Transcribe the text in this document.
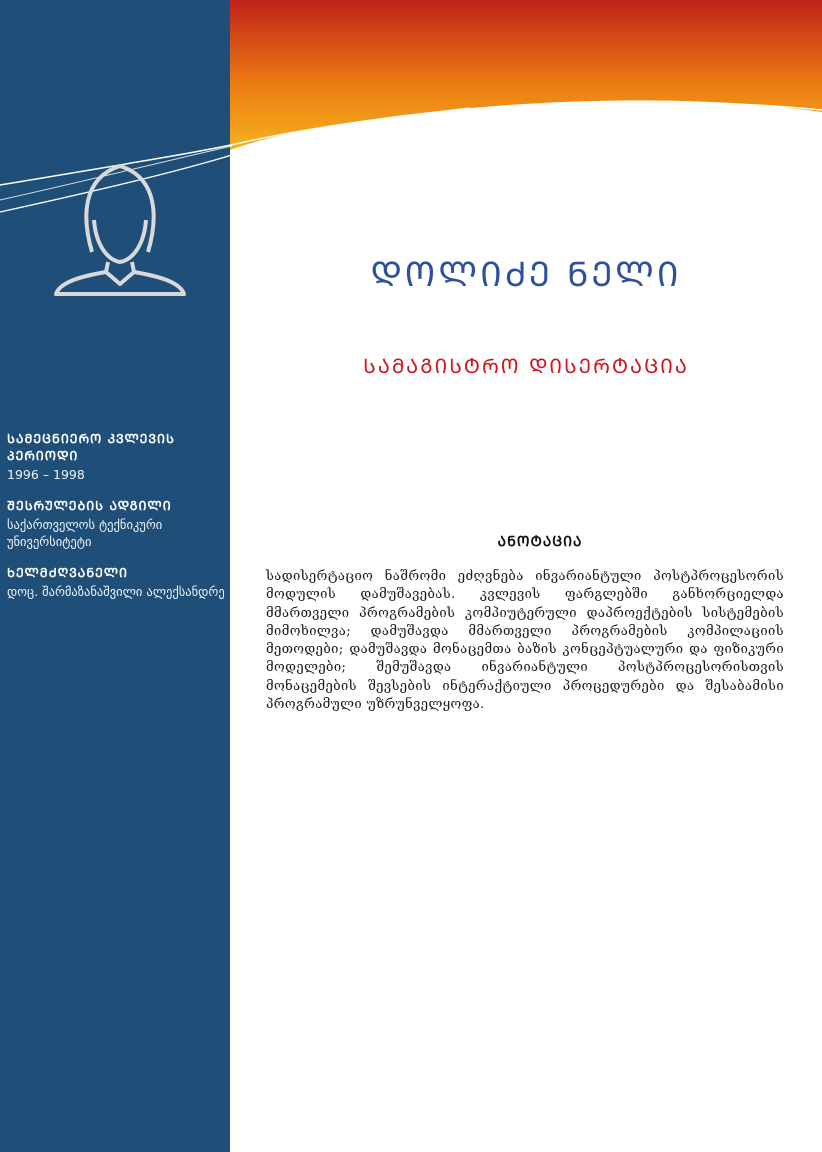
ᲓᲝᲚᲘᲫᲔ ᲜᲔᲚᲘ
ᲡᲐᲛᲐᲒᲘᲡᲢᲠᲝ ᲓᲘᲡᲔᲠᲢᲐᲪᲘᲐ

ᲡᲐᲛᲔᲪᲜᲘᲔᲠᲝ ᲙᲕᲚᲔᲕᲘᲡ ᲞᲔᲠᲘᲝᲓᲘ

1996 – 1998

ᲨᲔᲡᲠᲣᲚᲔᲑᲘᲡ ᲐᲓᲒᲘᲚᲘ

საქართველოს ტექნიკური უნივერსიტეტი

ᲮᲔᲚᲛᲫᲦᲕᲐᲜᲔᲚᲘ

დოც. შარმაზანაშვილი ალექსანდრე

ᲐᲜᲝᲢᲐᲪᲘᲐ
სადისერტაციო ნაშრომი ეძღვნება ინვარიანტული პოსტპროცესორის მოდულის დამუშავებას. კვლევის ფარგლებში განხორციელდა მმართველი პროგრამების კომპიუტერული დაპროექტების სისტემების მიმოხილვა; დამუშავდა მმართველი პროგრამების კომპილაციის მეთოდები; დამუშავდა მონაცემთა ბაზის კონცეპტუალური და ფიზიკური მოდელები; შემუშავდა ინვარიანტული პოსტპროცესორისთვის მონაცემების შევსების ინტერაქტიული პროცედურები და შესაბამისი პროგრამული უზრუნველყოფა.
